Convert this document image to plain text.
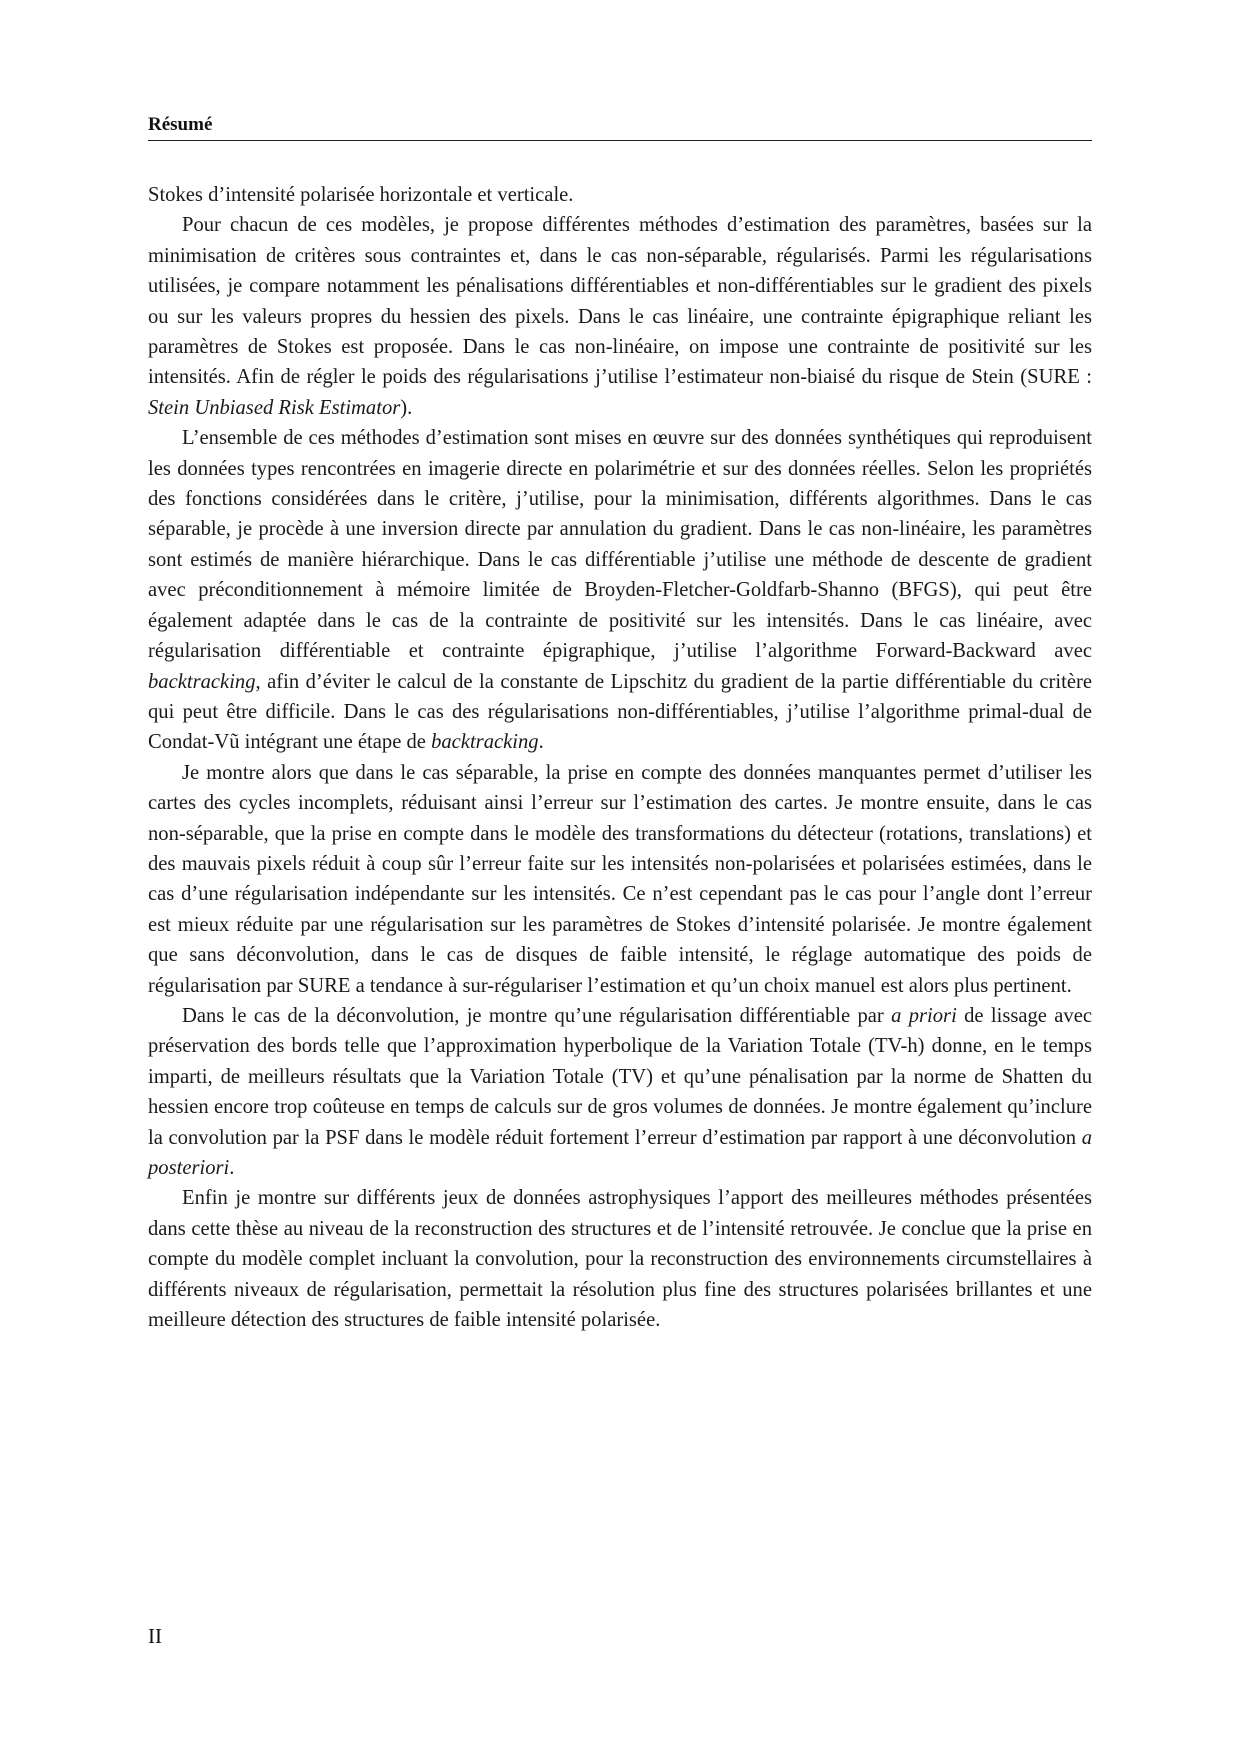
Résumé

Stokes d’intensité polarisée horizontale et verticale.

Pour chacun de ces modèles, je propose différentes méthodes d’estimation des paramètres, basées sur la minimisation de critères sous contraintes et, dans le cas non-séparable, régularisés. Parmi les régularisations utilisées, je compare notamment les pénalisations différentiables et non-différentiables sur le gradient des pixels ou sur les valeurs propres du hessien des pixels. Dans le cas linéaire, une contrainte épigraphique reliant les paramètres de Stokes est proposée. Dans le cas non-linéaire, on impose une contrainte de positivité sur les intensités. Afin de régler le poids des régularisations j’utilise l’estimateur non-biaisé du risque de Stein (SURE : Stein Unbiased Risk Estimator).

L’ensemble de ces méthodes d’estimation sont mises en œuvre sur des données synthétiques qui reproduisent les données types rencontrées en imagerie directe en polarimétrie et sur des données réelles. Selon les propriétés des fonctions considérées dans le critère, j’utilise, pour la minimisation, différents algorithmes. Dans le cas séparable, je procède à une inversion directe par annulation du gradient. Dans le cas non-linéaire, les paramètres sont estimés de manière hiérarchique. Dans le cas différentiable j’utilise une méthode de descente de gradient avec préconditionnement à mémoire limitée de Broyden-Fletcher-Goldfarb-Shanno (BFGS), qui peut être également adaptée dans le cas de la contrainte de positivité sur les intensités. Dans le cas linéaire, avec régularisation différentiable et contrainte épigraphique, j’utilise l’algorithme Forward-Backward avec backtracking, afin d’éviter le calcul de la constante de Lipschitz du gradient de la partie différentiable du critère qui peut être difficile. Dans le cas des régularisations non-différentiables, j’utilise l’algorithme primal-dual de Condat-Vũ intégrant une étape de backtracking.

Je montre alors que dans le cas séparable, la prise en compte des données manquantes permet d’utiliser les cartes des cycles incomplets, réduisant ainsi l’erreur sur l’estimation des cartes. Je montre ensuite, dans le cas non-séparable, que la prise en compte dans le modèle des transformations du détecteur (rotations, translations) et des mauvais pixels réduit à coup sûr l’erreur faite sur les intensités non-polarisées et polarisées estimées, dans le cas d’une régularisation indépendante sur les intensités. Ce n’est cependant pas le cas pour l’angle dont l’erreur est mieux réduite par une régularisation sur les paramètres de Stokes d’intensité polarisée. Je montre également que sans déconvolution, dans le cas de disques de faible intensité, le réglage automatique des poids de régularisation par SURE a tendance à sur-régulariser l’estimation et qu’un choix manuel est alors plus pertinent.

Dans le cas de la déconvolution, je montre qu’une régularisation différentiable par a priori de lissage avec préservation des bords telle que l’approximation hyperbolique de la Variation Totale (TV-h) donne, en le temps imparti, de meilleurs résultats que la Variation Totale (TV) et qu’une pénalisation par la norme de Shatten du hessien encore trop coûteuse en temps de calculs sur de gros volumes de données. Je montre également qu’inclure la convolution par la PSF dans le modèle réduit fortement l’erreur d’estimation par rapport à une déconvolution a posteriori.

Enfin je montre sur différents jeux de données astrophysiques l’apport des meilleures méthodes présentées dans cette thèse au niveau de la reconstruction des structures et de l’intensité retrouvée. Je conclue que la prise en compte du modèle complet incluant la convolution, pour la reconstruction des environnements circumstellaires à différents niveaux de régularisation, permettait la résolution plus fine des structures polarisées brillantes et une meilleure détection des structures de faible intensité polarisée.

II
